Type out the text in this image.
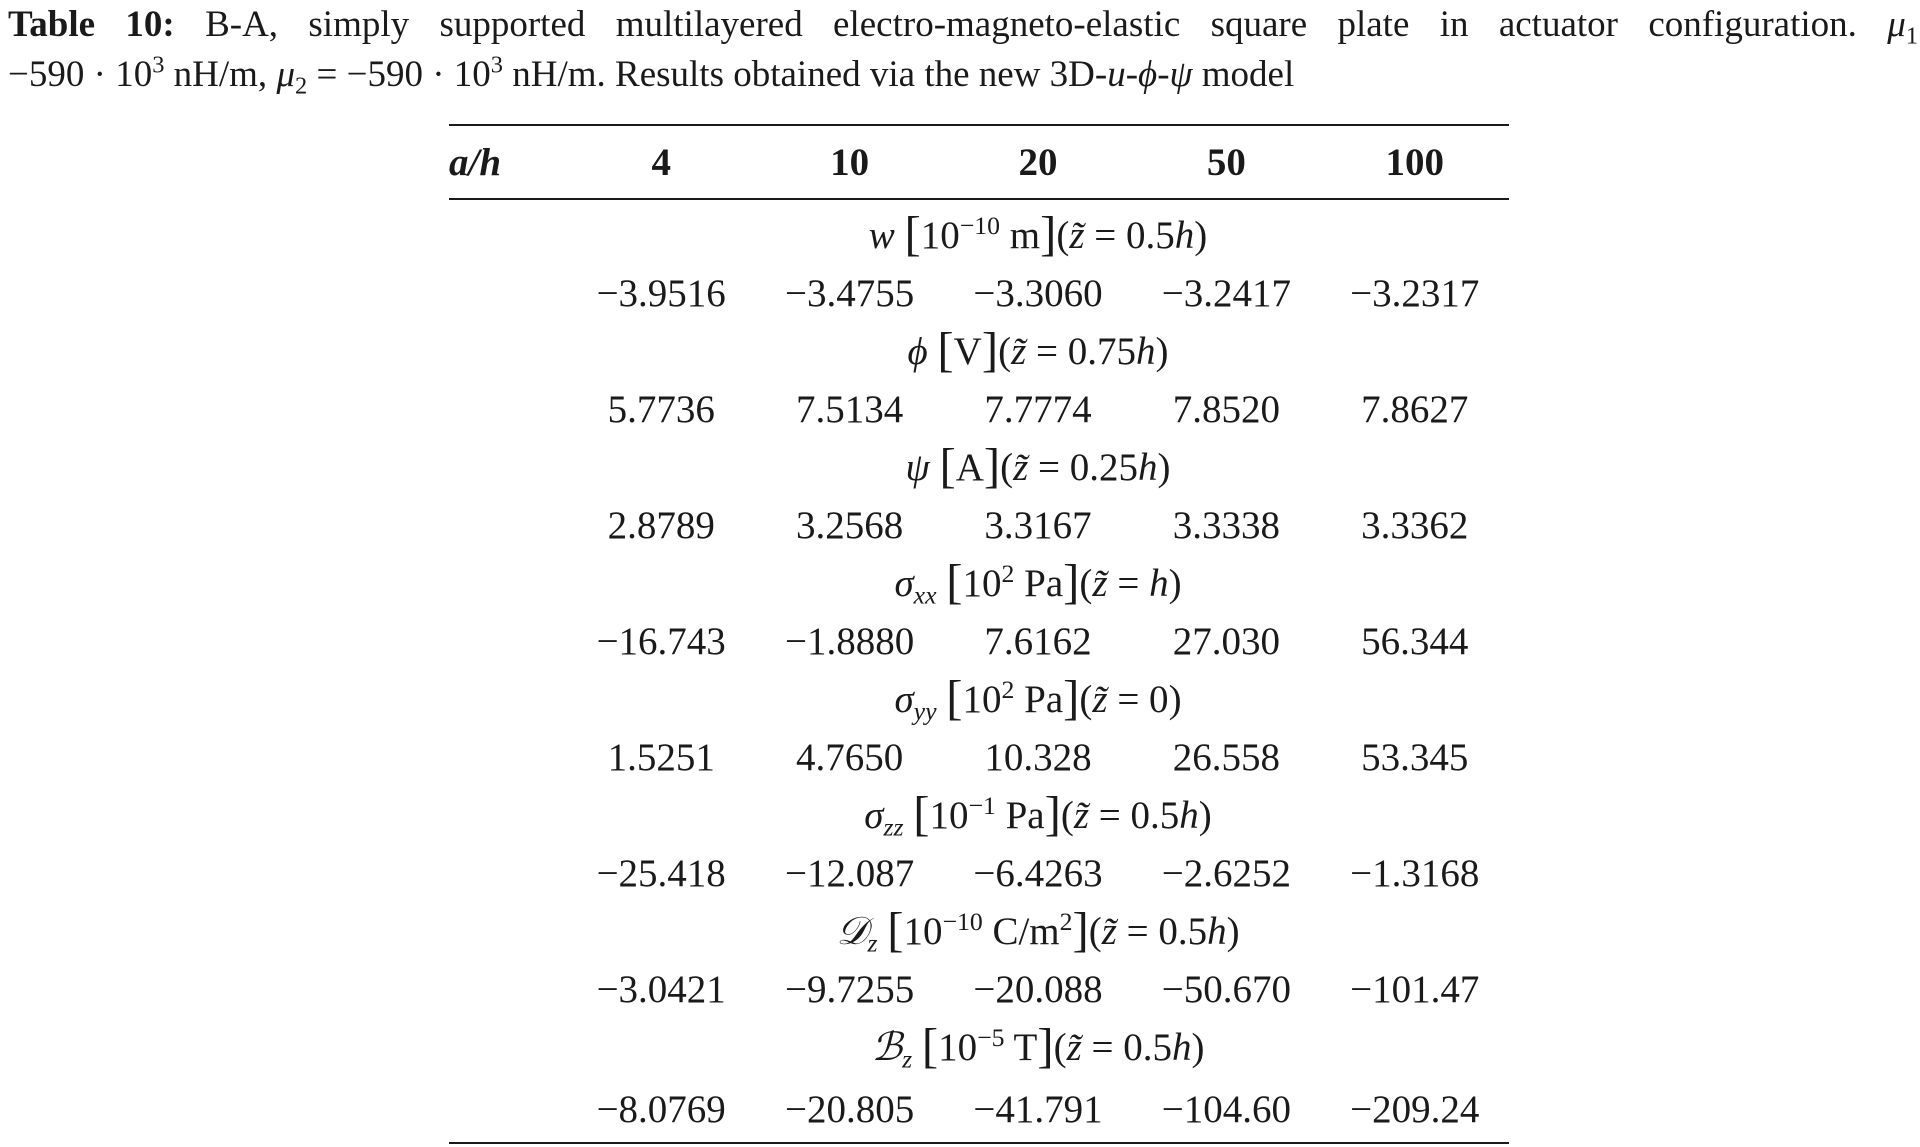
Table 10: B-A, simply supported multilayered electro-magneto-elastic square plate in actuator configuration. $\mu_1$
$-590 \cdot 10^3$ nH/m, $\mu_2 = -590 \cdot 10^3$ nH/m. Results obtained via the new 3D-u-ϕ-ψ model
a/h	4	10	20	50	100
	w [$10^{-10}$ m](z̃ = 0.5h)				
	−3.9516	−3.4755	−3.3060	−3.2417	−3.2317
	ϕ [V](z̃ = 0.75h)				
	5.7736	7.5134	7.7774	7.8520	7.8627
	ψ [A](z̃ = 0.25h)				
	2.8789	3.2568	3.3167	3.3338	3.3362
	$\sigma_{xx}$ [$10^2$ Pa](z̃ = h)				
	−16.743	−1.8880	7.6162	27.030	56.344
	$\sigma_{yy}$ [$10^2$ Pa](z̃ = 0)				
	1.5251	4.7650	10.328	26.558	53.345
	$\sigma_{zz}$ [$10^{-1}$ Pa](z̃ = 0.5h)				
	−25.418	−12.087	−6.4263	−2.6252	−1.3168
	𝒟$_z$ [$10^{-10}$ $C/m^2](z̃ = 0.5h)$				
	−3.0421	−9.7255	−20.088	−50.670	−101.47
	ℬ$_z$ [$10^{-5}$ T](z̃ = 0.5h)				
	−8.0769	−20.805	−41.791	−104.60	−209.24
